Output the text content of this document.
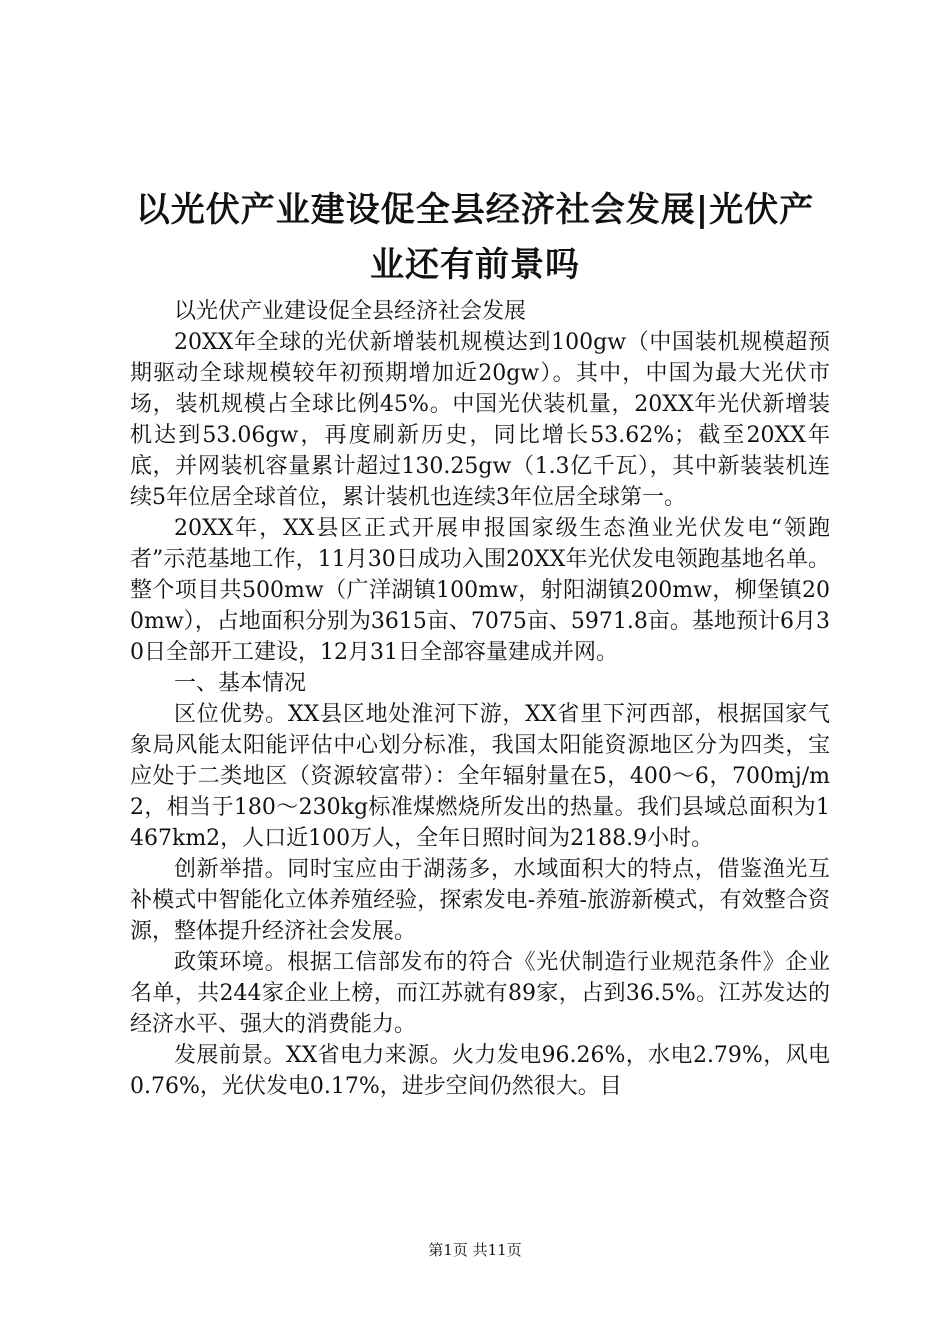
以光伏产业建设促全县经济社会发展|光伏产业还有前景吗

以光伏产业建设促全县经济社会发展

20XX年全球的光伏新增装机规模达到100gw（中国装机规模超预期驱动全球规模较年初预期增加近20gw）。其中，中国为最大光伏市场，装机规模占全球比例45%。中国光伏装机量，20XX年光伏新增装机达到53.06gw，再度刷新历史，同比增长53.62%；截至20XX年底，并网装机容量累计超过130.25gw（1.3亿千瓦），其中新装装机连续5年位居全球首位，累计装机也连续3年位居全球第一。

20XX年，XX县区正式开展申报国家级生态渔业光伏发电“领跑者”示范基地工作，11月30日成功入围20XX年光伏发电领跑基地名单。整个项目共500mw（广洋湖镇100mw，射阳湖镇200mw，柳堡镇200mw），占地面积分别为3615亩、7075亩、5971.8亩。基地预计6月30日全部开工建设，12月31日全部容量建成并网。

一、基本情况

区位优势。XX县区地处淮河下游，XX省里下河西部，根据国家气象局风能太阳能评估中心划分标准，我国太阳能资源地区分为四类，宝应处于二类地区（资源较富带）：全年辐射量在5，400～6，700mj/m2，相当于180～230kg标准煤燃烧所发出的热量。我们县域总面积为1467km2，人口近100万人，全年日照时间为2188.9小时。

创新举措。同时宝应由于湖荡多，水域面积大的特点，借鉴渔光互补模式中智能化立体养殖经验，探索发电-养殖-旅游新模式，有效整合资源，整体提升经济社会发展。

政策环境。根据工信部发布的符合《光伏制造行业规范条件》企业名单，共244家企业上榜，而江苏就有89家，占到36.5%。江苏发达的经济水平、强大的消费能力。

发展前景。XX省电力来源。火力发电96.26%，水电2.79%，风电0.76%，光伏发电0.17%，进步空间仍然很大。目

第1页 共11页
